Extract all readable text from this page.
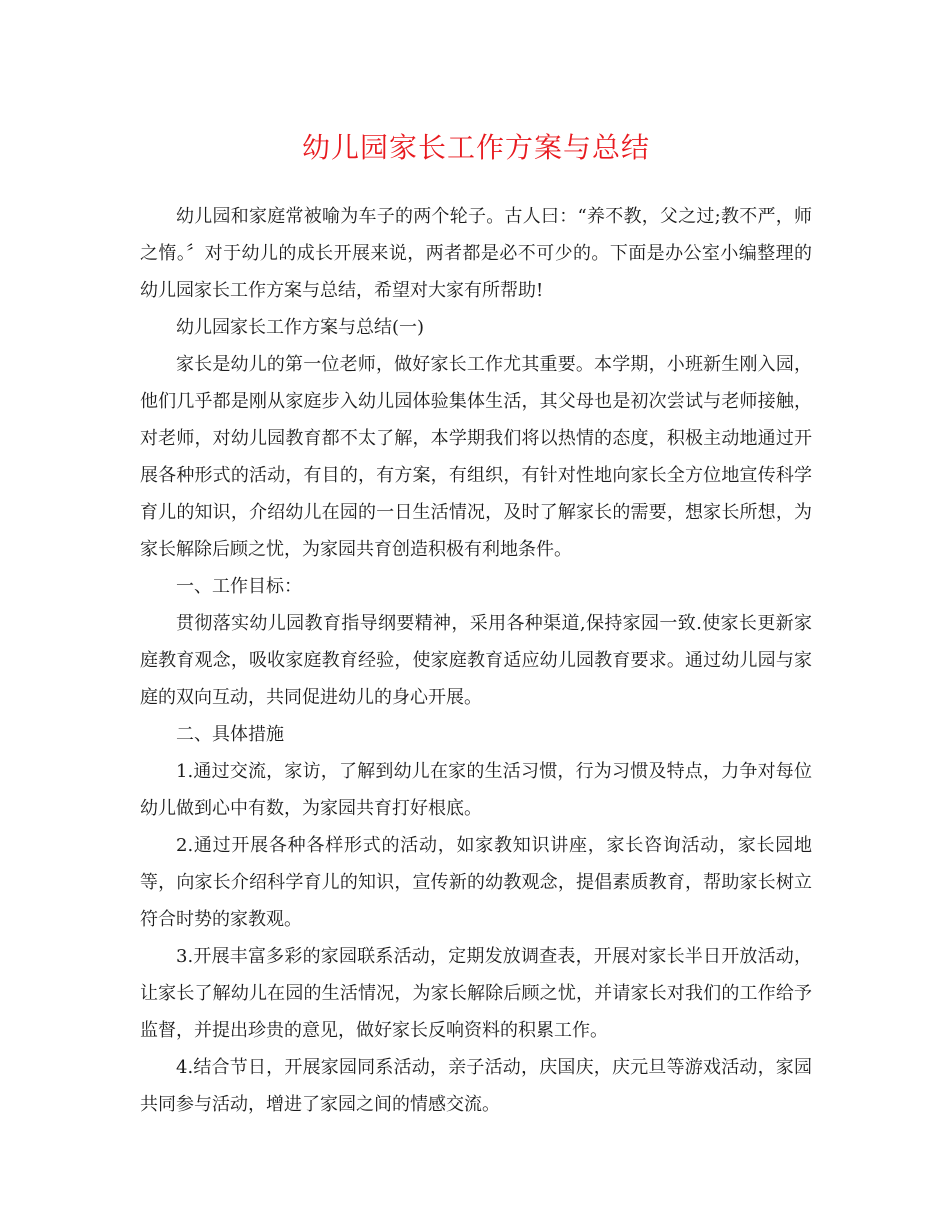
幼儿园家长工作方案与总结

幼儿园和家庭常被喻为车子的两个轮子。古人曰：“养不教，父之过;教不严，师之惰。〞对于幼儿的成长开展来说，两者都是必不可少的。下面是办公室小编整理的幼儿园家长工作方案与总结，希望对大家有所帮助!

幼儿园家长工作方案与总结(一)

家长是幼儿的第一位老师，做好家长工作尤其重要。本学期，小班新生刚入园，他们几乎都是刚从家庭步入幼儿园体验集体生活，其父母也是初次尝试与老师接触，对老师，对幼儿园教育都不太了解，本学期我们将以热情的态度，积极主动地通过开展各种形式的活动，有目的，有方案，有组织，有针对性地向家长全方位地宣传科学育儿的知识，介绍幼儿在园的一日生活情况，及时了解家长的需要，想家长所想，为家长解除后顾之忧，为家园共育创造积极有利地条件。

一、工作目标：

贯彻落实幼儿园教育指导纲要精神，采用各种渠道,保持家园一致.使家长更新家庭教育观念，吸收家庭教育经验，使家庭教育适应幼儿园教育要求。通过幼儿园与家庭的双向互动，共同促进幼儿的身心开展。

二、具体措施

1.通过交流，家访，了解到幼儿在家的生活习惯，行为习惯及特点，力争对每位幼儿做到心中有数，为家园共育打好根底。

2.通过开展各种各样形式的活动，如家教知识讲座，家长咨询活动，家长园地等，向家长介绍科学育儿的知识，宣传新的幼教观念，提倡素质教育，帮助家长树立符合时势的家教观。

3.开展丰富多彩的家园联系活动，定期发放调查表，开展对家长半日开放活动，让家长了解幼儿在园的生活情况，为家长解除后顾之忧，并请家长对我们的工作给予监督，并提出珍贵的意见，做好家长反响资料的积累工作。

4.结合节日，开展家园同系活动，亲子活动，庆国庆，庆元旦等游戏活动，家园共同参与活动，增进了家园之间的情感交流。
